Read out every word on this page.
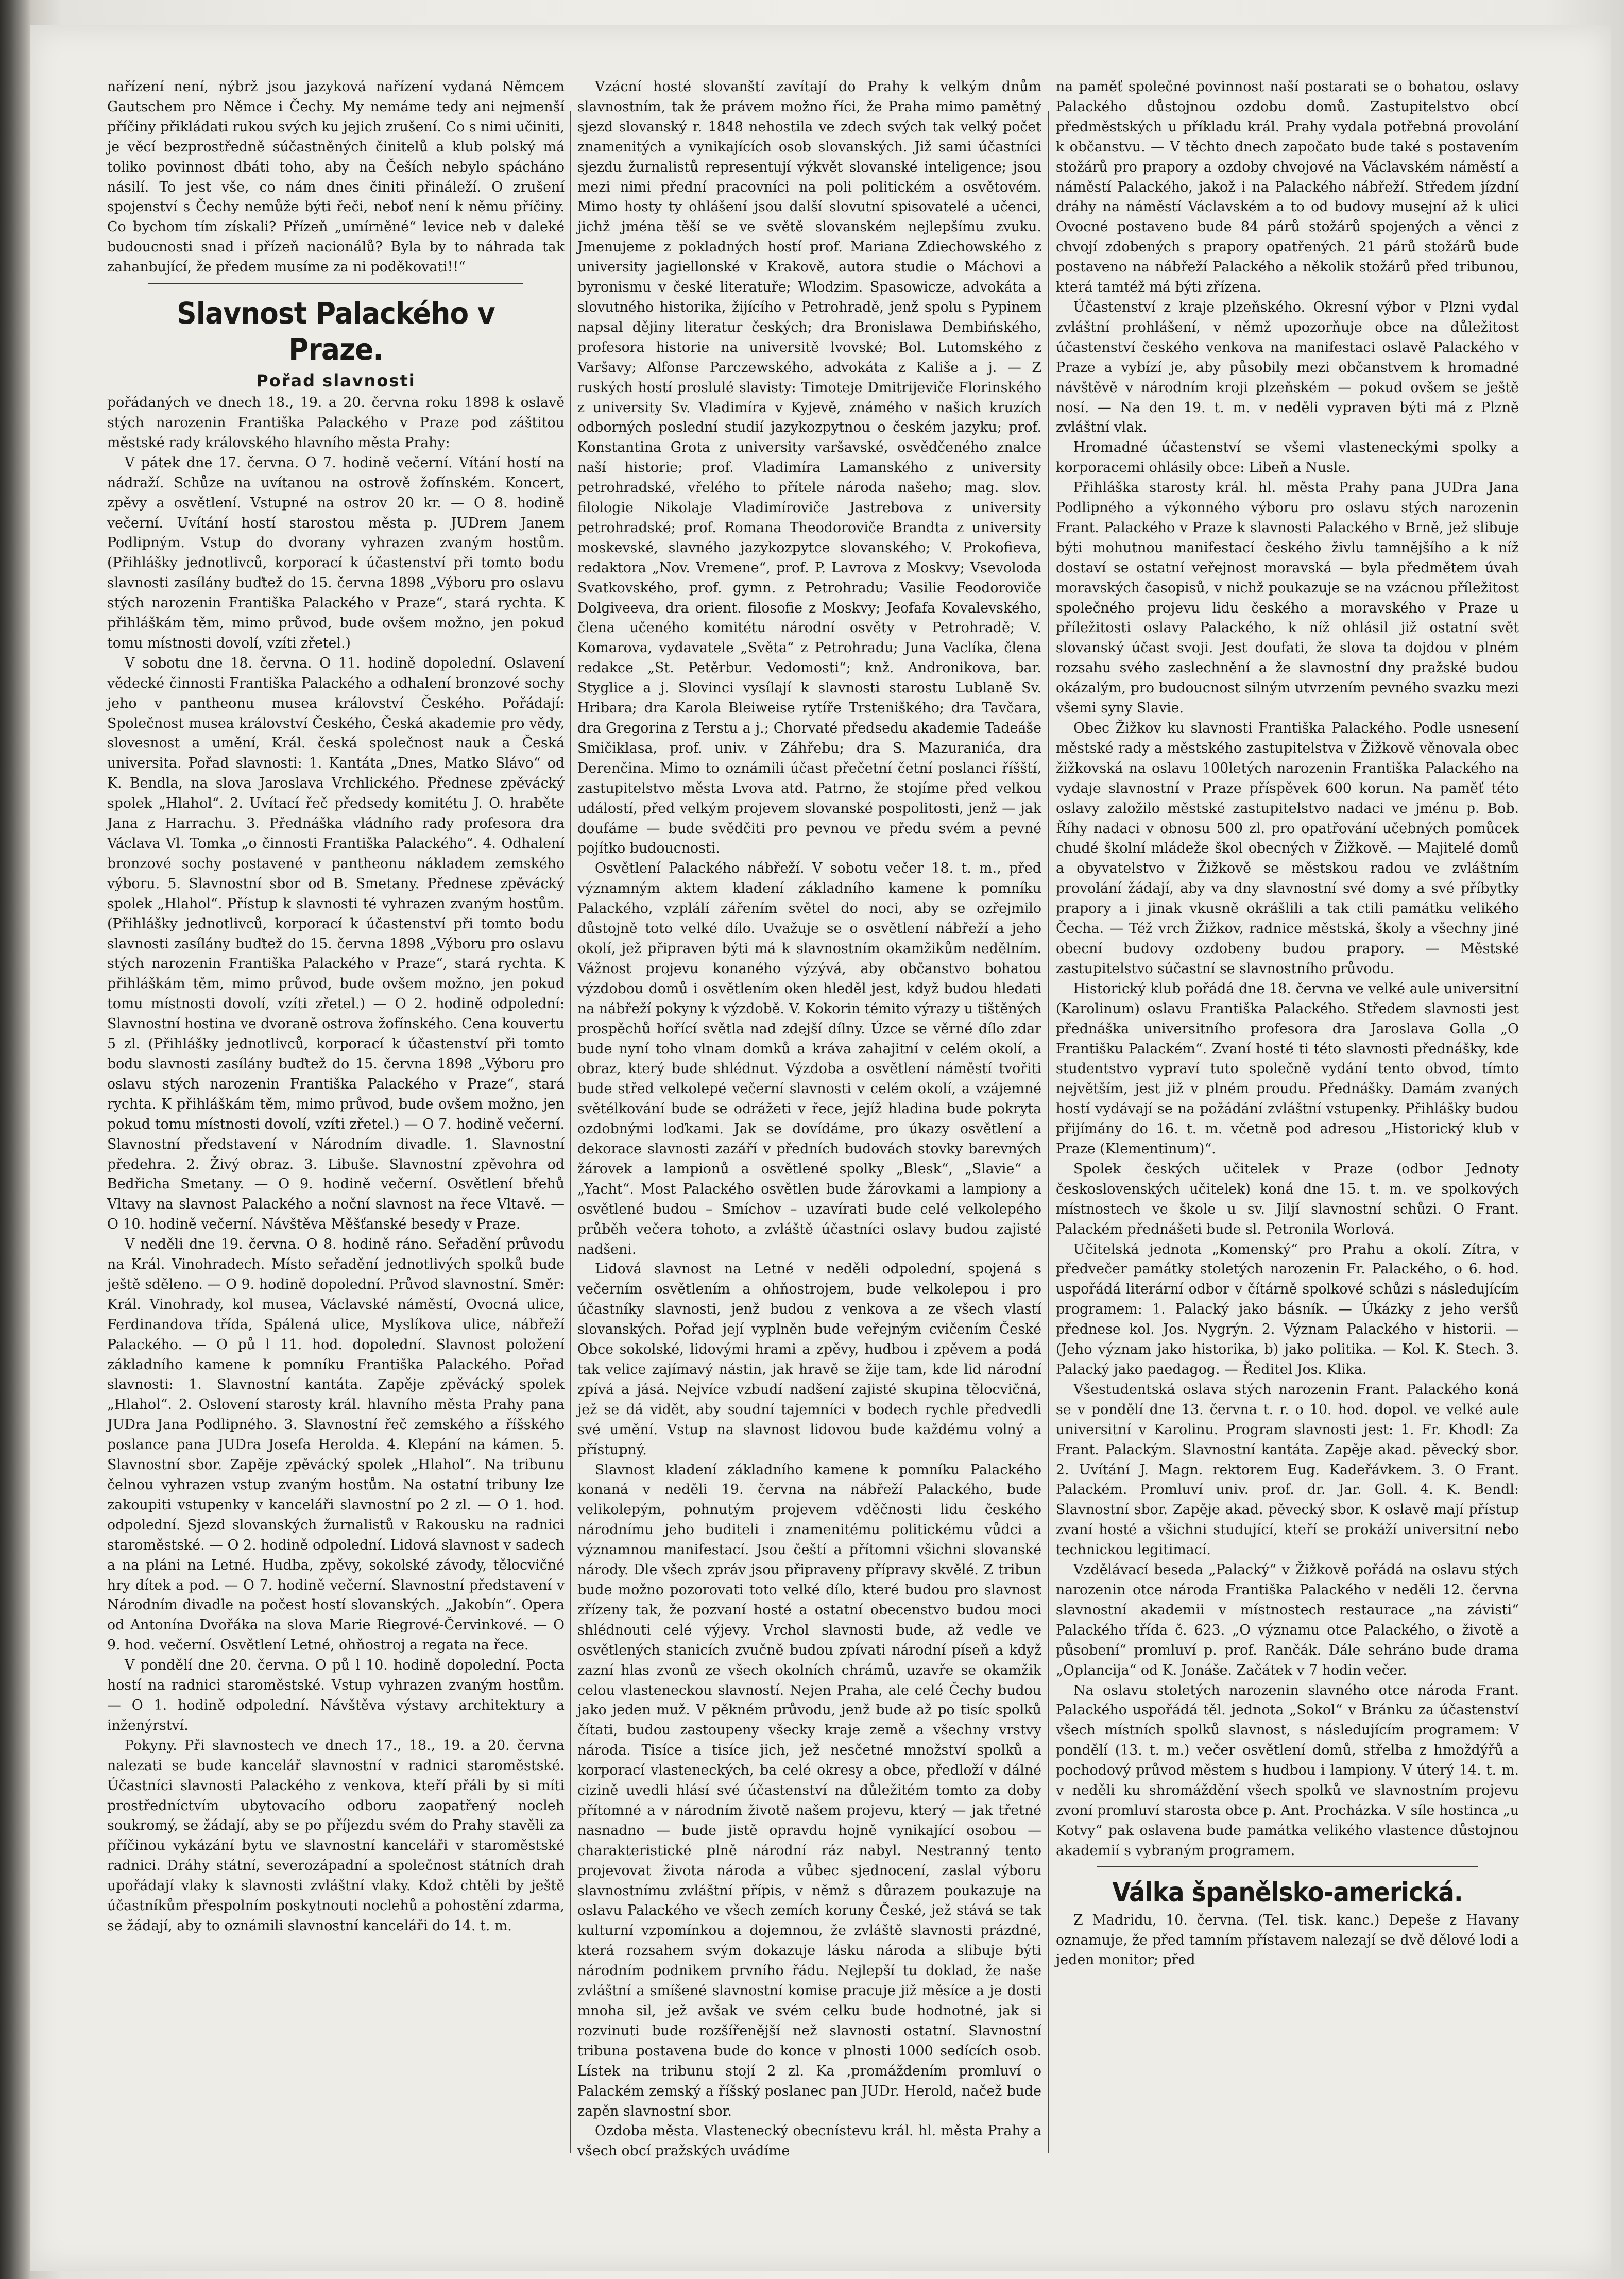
nařízení není, nýbrž jsou jazyková nařízení vydaná Němcem Gautschem pro Němce i Čechy. My nemáme tedy ani nejmenší příčiny přikládati rukou svých ku jejich zrušení. Co s nimi učiniti, je věcí bezprostředně súčastněných činitelů a klub polský má toliko povinnost dbáti toho, aby na Češích nebylo spácháno násilí. To jest vše, co nám dnes činiti přináleží. O zrušení spojenství s Čechy nemůže býti řeči, neboť není k němu příčiny. Co bychom tím získali? Přízeň „umírněné“ levice neb v daleké budoucnosti snad i přízeň nacionálů? Byla by to náhrada tak zahanbující, že předem musíme za ni poděkovati!!“

Slavnost Palackého v Praze.
Pořad slavnosti

pořádaných ve dnech 18., 19. a 20. června roku 1898 k oslavě stých narozenin Františka Palackého v Praze pod záštitou městské rady královského hlavního města Prahy:

V pátek dne 17. června. O 7. hodině večerní. Vítání hostí na nádraží. Schůze na uvítanou na ostrově žofínském. Koncert, zpěvy a osvětlení. Vstupné na ostrov 20 kr. — O 8. hodině večerní. Uvítání hostí starostou města p. JUDrem Janem Podlipným. Vstup do dvorany vyhrazen zvaným hostům. (Přihlášky jednotlivců, korporací k účastenství při tomto bodu slavnosti zasílány buďtež do 15. června 1898 „Výboru pro oslavu stých narozenin Františka Palackého v Praze“, stará rychta. K přihláškám těm, mimo průvod, bude ovšem možno, jen pokud tomu místnosti dovolí, vzíti zřetel.)

V sobotu dne 18. června. O 11. hodině dopolední. Oslavení vědecké činnosti Františka Palackého a odhalení bronzové sochy jeho v pantheonu musea království Českého. Pořádají: Společnost musea království Českého, Česká akademie pro vědy, slovesnost a umění, Král. česká společnost nauk a Česká universita. Pořad slavnosti: 1. Kantáta „Dnes, Matko Slávo“ od K. Bendla, na slova Jaroslava Vrchlického. Přednese zpěvácký spolek „Hlahol“. 2. Uvítací řeč předsedy komitétu J. O. hraběte Jana z Harrachu. 3. Přednáška vládního rady profesora dra Václava Vl. Tomka „o činnosti Františka Palackého“. 4. Odhalení bronzové sochy postavené v pantheonu nákladem zemského výboru. 5. Slavnostní sbor od B. Smetany. Přednese zpěvácký spolek „Hlahol“. Přístup k slavnosti té vyhrazen zvaným hostům. (Přihlášky jednotlivců, korporací k účastenství při tomto bodu slavnosti zasílány buďtež do 15. června 1898 „Výboru pro oslavu stých narozenin Františka Palackého v Praze“, stará rychta. K přihláškám těm, mimo průvod, bude ovšem možno, jen pokud tomu místnosti dovolí, vzíti zřetel.) — O 2. hodině odpolední: Slavnostní hostina ve dvoraně ostrova žofínského. Cena kouvertu 5 zl. (Přihlášky jednotlivců, korporací k účastenství při tomto bodu slavnosti zasílány buďtež do 15. června 1898 „Výboru pro oslavu stých narozenin Františka Palackého v Praze“, stará rychta. K přihláškám těm, mimo průvod, bude ovšem možno, jen pokud tomu místnosti dovolí, vzíti zřetel.) — O 7. hodině večerní. Slavnostní představení v Národním divadle. 1. Slavnostní předehra. 2. Živý obraz. 3. Libuše. Slavnostní zpěvohra od Bedřicha Smetany. — O 9. hodině večerní. Osvětlení břehů Vltavy na slavnost Palackého a noční slavnost na řece Vltavě. — O 10. hodině večerní. Návštěva Měšťanské besedy v Praze.

V neděli dne 19. června. O 8. hodině ráno. Seřadění průvodu na Král. Vinohradech. Místo seřadění jednotlivých spolků bude ještě sděleno. — O 9. hodině dopolední. Průvod slavnostní. Směr: Král. Vinohrady, kol musea, Václavské náměstí, Ovocná ulice, Ferdinandova třída, Spálená ulice, Myslíkova ulice, nábřeží Palackého. — O pů l 11. hod. dopolední. Slavnost položení základního kamene k pomníku Františka Palackého. Pořad slavnosti: 1. Slavnostní kantáta. Zapěje zpěvácký spolek „Hlahol“. 2. Oslovení starosty král. hlavního města Prahy pana JUDra Jana Podlipného. 3. Slavnostní řeč zemského a říšského poslance pana JUDra Josefa Herolda. 4. Klepání na kámen. 5. Slavnostní sbor. Zapěje zpěvácký spolek „Hlahol“. Na tribunu čelnou vyhrazen vstup zvaným hostům. Na ostatní tribuny lze zakoupiti vstupenky v kanceláři slavnostní po 2 zl. — O 1. hod. odpolední. Sjezd slovanských žurnalistů v Rakousku na radnici staroměstské. — O 2. hodině odpolední. Lidová slavnost v sadech a na pláni na Letné. Hudba, zpěvy, sokolské závody, tělocvičné hry dítek a pod. — O 7. hodině večerní. Slavnostní představení v Národním divadle na počest hostí slovanských. „Jakobín“. Opera od Antonína Dvořáka na slova Marie Riegrové-Červinkové. — O 9. hod. večerní. Osvětlení Letné, ohňostroj a regata na řece.

V pondělí dne 20. června. O pů l 10. hodině dopolední. Pocta hostí na radnici staroměstské. Vstup vyhrazen zvaným hostům. — O 1. hodině odpolední. Návštěva výstavy architektury a inženýrství.

Pokyny. Při slavnostech ve dnech 17., 18., 19. a 20. června nalezati se bude kancelář slavnostní v radnici staroměstské. Účastníci slavnosti Palackého z venkova, kteří přáli by si míti prostředníctvím ubytovacího odboru zaopatřený nocleh soukromý, se žádají, aby se po příjezdu svém do Prahy stavěli za příčinou vykázání bytu ve slavnostní kanceláři v staroměstské radnici. Dráhy státní, severozápadní a společnost státních drah upořádají vlaky k slavnosti zvláštní vlaky. Kdož chtěli by ještě účastníkům přespolním poskytnouti noclehů a pohostění zdarma, se žádají, aby to oznámili slavnostní kanceláři do 14. t. m.

Vzácní hosté slovanští zavítají do Prahy k velkým dnům slavnostním, tak že právem možno říci, že Praha mimo pamětný sjezd slovanský r. 1848 nehostila ve zdech svých tak velký počet znamenitých a vynikajících osob slovanských. Již sami účastníci sjezdu žurnalistů representují výkvět slovanské inteligence; jsou mezi nimi přední pracovníci na poli politickém a osvětovém. Mimo hosty ty ohlášení jsou další slovutní spisovatelé a učenci, jichž jména těší se ve světě slovanském nejlepšímu zvuku. Jmenujeme z pokladných hostí prof. Mariana Zdiechowského z university jagiellonské v Krakově, autora studie o Máchovi a byronismu v české literatuře; Wlodzim. Spasowicze, advokáta a slovutného historika, žijícího v Petrohradě, jenž spolu s Pypinem napsal dějiny literatur českých; dra Bronislawa Dembińského, profesora historie na universitě lvovské; Bol. Lutomského z Varšavy; Alfonse Parczewského, advokáta z Kališe a j. — Z ruských hostí proslulé slavisty: Timoteje Dmitrijeviče Florinského z university Sv. Vladimíra v Kyjevě, známého v našich kruzích odborných poslední studií jazykozpytnou o českém jazyku; prof. Konstantina Grota z university varšavské, osvědčeného znalce naší historie; prof. Vladimíra Lamanského z university petrohradské, vřelého to přítele národa našeho; mag. slov. filologie Nikolaje Vladimíroviče Jastrebova z university petrohradské; prof. Romana Theodoroviče Brandta z university moskevské, slavného jazykozpytce slovanského; V. Prokofieva, redaktora „Nov. Vremene“, prof. P. Lavrova z Moskvy; Vsevoloda Svatkovského, prof. gymn. z Petrohradu; Vasilie Feodoroviče Dolgiveeva, dra orient. filosofie z Moskvy; Jeofafa Kovalevského, člena učeného komitétu národní osvěty v Petrohradě; V. Komarova, vydavatele „Světa“ z Petrohradu; Juna Vaclíka, člena redakce „St. Petěrbur. Vedomosti“; knž. Andronikova, bar. Styglice a j. Slovinci vysílají k slavnosti starostu Lublaně Sv. Hribara; dra Karola Bleiweise rytíře Trsteniškého; dra Tavčara, dra Gregorina z Terstu a j.; Chorvaté předsedu akademie Tadeáše Smičiklasa, prof. univ. v Záhřebu; dra S. Mazuranića, dra Derenčina. Mimo to oznámili účast přečetní četní poslanci říšští, zastupitelstvo města Lvova atd. Patrno, že stojíme před velkou událostí, před velkým projevem slovanské pospolitosti, jenž — jak doufáme — bude svědčiti pro pevnou ve předu svém a pevné pojítko budoucnosti.

Osvětlení Palackého nábřeží. V sobotu večer 18. t. m., před významným aktem kladení základního kamene k pomníku Palackého, vzplálí zářením světel do noci, aby se ozřejmilo důstojně toto velké dílo. Uvažuje se o osvětlení nábřeží a jeho okolí, jež připraven býti má k slavnostním okamžikům nedělním. Vážnost projevu konaného výzývá, aby občanstvo bohatou výzdobou domů i osvětlením oken hleděl jest, když budou hledati na nábřeží pokyny k výzdobě. V. Kokorin témito výrazy u tištěných prospěchů hořící světla nad zdejší dílny. Úzce se věrné dílo zdar bude nyní toho vlnam domků a kráva zahajitní v celém okolí, a obraz, který bude shlédnut. Výzdoba a osvětlení náměstí tvořiti bude střed velkolepé večerní slavnosti v celém okolí, a vzájemné světélkování bude se odrážeti v řece, jejíž hladina bude pokryta ozdobnými loďkami. Jak se dovídáme, pro úkazy osvětlení a dekorace slavnosti zazáří v předních budovách stovky barevných žárovek a lampionů a osvětlené spolky „Blesk“, „Slavie“ a „Yacht“. Most Palackého osvětlen bude žárovkami a lampiony a osvětlené budou – Smíchov – uzavírati bude celé velkolepého průběh večera tohoto, a zvláště účastníci oslavy budou zajisté nadšeni.

Lidová slavnost na Letné v neděli odpolední, spojená s večerním osvětlením a ohňostrojem, bude velkolepou i pro účastníky slavnosti, jenž budou z venkova a ze všech vlastí slovanských. Pořad její vyplněn bude veřejným cvičením České Obce sokolské, lidovými hrami a zpěvy, hudbou i zpěvem a podá tak velice zajímavý nástin, jak hravě se žije tam, kde lid národní zpívá a jásá. Nejvíce vzbudí nadšení zajisté skupina tělocvičná, jež se dá vidět, aby soudní tajemníci v bodech rychle předvedli své umění. Vstup na slavnost lidovou bude každému volný a přístupný.

Slavnost kladení základního kamene k pomníku Palackého konaná v neděli 19. června na nábřeží Palackého, bude velikolepým, pohnutým projevem vděčnosti lidu českého národnímu jeho buditeli i znamenitému politickému vůdci a významnou manifestací. Jsou čeští a přítomni všichni slovanské národy. Dle všech zpráv jsou připraveny přípravy skvělé. Z tribun bude možno pozorovati toto velké dílo, které budou pro slavnost zřízeny tak, že pozvaní hosté a ostatní obecenstvo budou moci shlédnouti celé výjevy. Vrchol slavnosti bude, až vedle ve osvětlených stanicích zvučně budou zpívati národní píseň a když zazní hlas zvonů ze všech okolních chrámů, uzavře se okamžik celou vlasteneckou slavností. Nejen Praha, ale celé Čechy budou jako jeden muž. V pěkném průvodu, jenž bude až po tisíc spolků čítati, budou zastoupeny všecky kraje země a všechny vrstvy národa. Tisíce a tisíce jich, jež nesčetné množství spolků a korporací vlasteneckých, ba celé okresy a obce, předloží v dálné cizině uvedli hlásí své účastenství na důležitém tomto za doby přítomné a v národním životě našem projevu, který — jak třetné nasnadno — bude jistě opravdu hojně vynikající osobou — charakteristické plně národní ráz nabyl. Nestranný tento projevovat života národa a vůbec sjednocení, zaslal výboru slavnostnímu zvláštní přípis, v němž s důrazem poukazuje na oslavu Palackého ve všech zemích koruny České, jež stává se tak kulturní vzpomínkou a dojemnou, že zvláště slavnosti prázdné, která rozsahem svým dokazuje lásku národa a slibuje býti národním podnikem prvního řádu. Nejlepší tu doklad, že naše zvláštní a smíšené slavnostní komise pracuje již měsíce a je dosti mnoha sil, jež avšak ve svém celku bude hodnotné, jak si rozvinuti bude rozšířenější než slavnosti ostatní. Slavnostní tribuna postavena bude do konce v plnosti 1000 sedících osob. Lístek na tribunu stojí 2 zl. Ka ‚promáždením promluví o Palackém zemský a říšský poslanec pan JUDr. Herold, načež bude zapěn slavnostní sbor.

Ozdoba města. Vlastenecký obecnístevu král. hl. města Prahy a všech obcí pražských uvádíme

na paměť společné povinnost naší postarati se o bohatou, oslavy Palackého důstojnou ozdobu domů. Zastupitelstvo obcí předměstských u příkladu král. Prahy vydala potřebná provolání k občanstvu. — V těchto dnech započato bude také s postavením stožárů pro prapory a ozdoby chvojové na Václavském náměstí a náměstí Palackého, jakož i na Palackého nábřeží. Středem jízdní dráhy na náměstí Václavském a to od budovy musejní až k ulici Ovocné postaveno bude 84 párů stožárů spojených a věnci z chvojí zdobených s prapory opatřených. 21 párů stožárů bude postaveno na nábřeží Palackého a několik stožárů před tribunou, která tamtéž má býti zřízena.

Účastenství z kraje plzeňského. Okresní výbor v Plzni vydal zvláštní prohlášení, v němž upozorňuje obce na důležitost účastenství českého venkova na manifestaci oslavě Palackého v Praze a vybízí je, aby působily mezi občanstvem k hromadné návštěvě v národním kroji plzeňském — pokud ovšem se ještě nosí. — Na den 19. t. m. v neděli vypraven býti má z Plzně zvláštní vlak.

Hromadné účastenství se všemi vlasteneckými spolky a korporacemi ohlásily obce: Libeň a Nusle.

Přihláška starosty král. hl. města Prahy pana JUDra Jana Podlipného a výkonného výboru pro oslavu stých narozenin Frant. Palackého v Praze k slavnosti Palackého v Brně, jež slibuje býti mohutnou manifestací českého živlu tamnějšího a k níž dostaví se ostatní veřejnost moravská — byla předmětem úvah moravských časopisů, v nichž poukazuje se na vzácnou příležitost společného projevu lidu českého a moravského v Praze u příležitosti oslavy Palackého, k níž ohlásil již ostatní svět slovanský účast svoji. Jest doufati, že slova ta dojdou v plném rozsahu svého zaslechnění a že slavnostní dny pražské budou okázalým, pro budoucnost silným utvrzením pevného svazku mezi všemi syny Slavie.

Obec Žižkov ku slavnosti Františka Palackého. Podle usnesení městské rady a městského zastupitelstva v Žižkově věnovala obec žižkovská na oslavu 100letých narozenin Františka Palackého na vydaje slavnostní v Praze příspěvek 600 korun. Na paměť této oslavy založilo městské zastupitelstvo nadaci ve jménu p. Bob. Říhy nadaci v obnosu 500 zl. pro opatřování učebných pomůcek chudé školní mládeže škol obecných v Žižkově. — Majitelé domů a obyvatelstvo v Žižkově se městskou radou ve zvláštním provolání žádají, aby va dny slavnostní své domy a své příbytky prapory a i jinak vkusně okrášlili a tak ctili památku velikého Čecha. — Též vrch Žižkov, radnice městská, školy a všechny jiné obecní budovy ozdobeny budou prapory. — Městské zastupitelstvo súčastní se slavnostního průvodu.

Historický klub pořádá dne 18. června ve velké aule universitní (Karolinum) oslavu Františka Palackého. Středem slavnosti jest přednáška universitního profesora dra Jaroslava Golla „O Františku Palackém“. Zvaní hosté ti této slavnosti přednášky, kde studentstvo vypraví tuto společně vydání tento obvod, tímto největším, jest již v plném proudu. Přednášky. Damám zvaných hostí vydávají se na požádání zvláštní vstupenky. Přihlášky budou přijímány do 16. t. m. včetně pod adresou „Historický klub v Praze (Klementinum)“.

Spolek českých učitelek v Praze (odbor Jednoty československých učitelek) koná dne 15. t. m. ve spolkových místnostech ve škole u sv. Jiljí slavnostní schůzi. O Frant. Palackém přednášeti bude sl. Petronila Worlová.

Učitelská jednota „Komenský“ pro Prahu a okolí. Zítra, v předvečer památky stoletých narozenin Fr. Palackého, o 6. hod. uspořádá literární odbor v čítárně spolkové schůzi s následujícím programem: 1. Palacký jako básník. — Úkázky z jeho veršů přednese kol. Jos. Nygrýn. 2. Význam Palackého v historii. — (Jeho význam jako historika, b) jako politika. — Kol. K. Stech. 3. Palacký jako paedagog. — Ředitel Jos. Klika.

Všestudentská oslava stých narozenin Frant. Palackého koná se v pondělí dne 13. června t. r. o 10. hod. dopol. ve velké aule universitní v Karolinu. Program slavnosti jest: 1. Fr. Khodl: Za Frant. Palackým. Slavnostní kantáta. Zapěje akad. pěvecký sbor. 2. Uvítání J. Magn. rektorem Eug. Kadeřávkem. 3. O Frant. Palackém. Promluví univ. prof. dr. Jar. Goll. 4. K. Bendl: Slavnostní sbor. Zapěje akad. pěvecký sbor. K oslavě mají přístup zvaní hosté a všichni studující, kteří se prokáží universitní nebo technickou legitimací.

Vzdělávací beseda „Palacký“ v Žižkově pořádá na oslavu stých narozenin otce národa Františka Palackého v neděli 12. června slavnostní akademii v místnostech restaurace „na závisti“ Palackého třída č. 623. „O významu otce Palackého, o životě a působení“ promluví p. prof. Rančák. Dále sehráno bude drama „Oplancija“ od K. Jonáše. Začátek v 7 hodin večer.

Na oslavu stoletých narozenin slavného otce národa Frant. Palackého uspořádá těl. jednota „Sokol“ v Bránku za účastenství všech místních spolků slavnost, s následujícím programem: V pondělí (13. t. m.) večer osvětlení domů, střelba z hmoždýřů a pochodový průvod městem s hudbou i lampiony. V úterý 14. t. m. v neděli ku shromáždění všech spolků ve slavnostním projevu zvoní promluví starosta obce p. Ant. Procházka. V síle hostinca „u Kotvy“ pak oslavena bude památka velikého vlastence důstojnou akademií s vybraným programem.

Válka španělsko-americká.

Z Madridu, 10. června. (Tel. tisk. kanc.) Depeše z Havany oznamuje, že před tamním přístavem nalezají se dvě dělové lodi a jeden monitor; před
